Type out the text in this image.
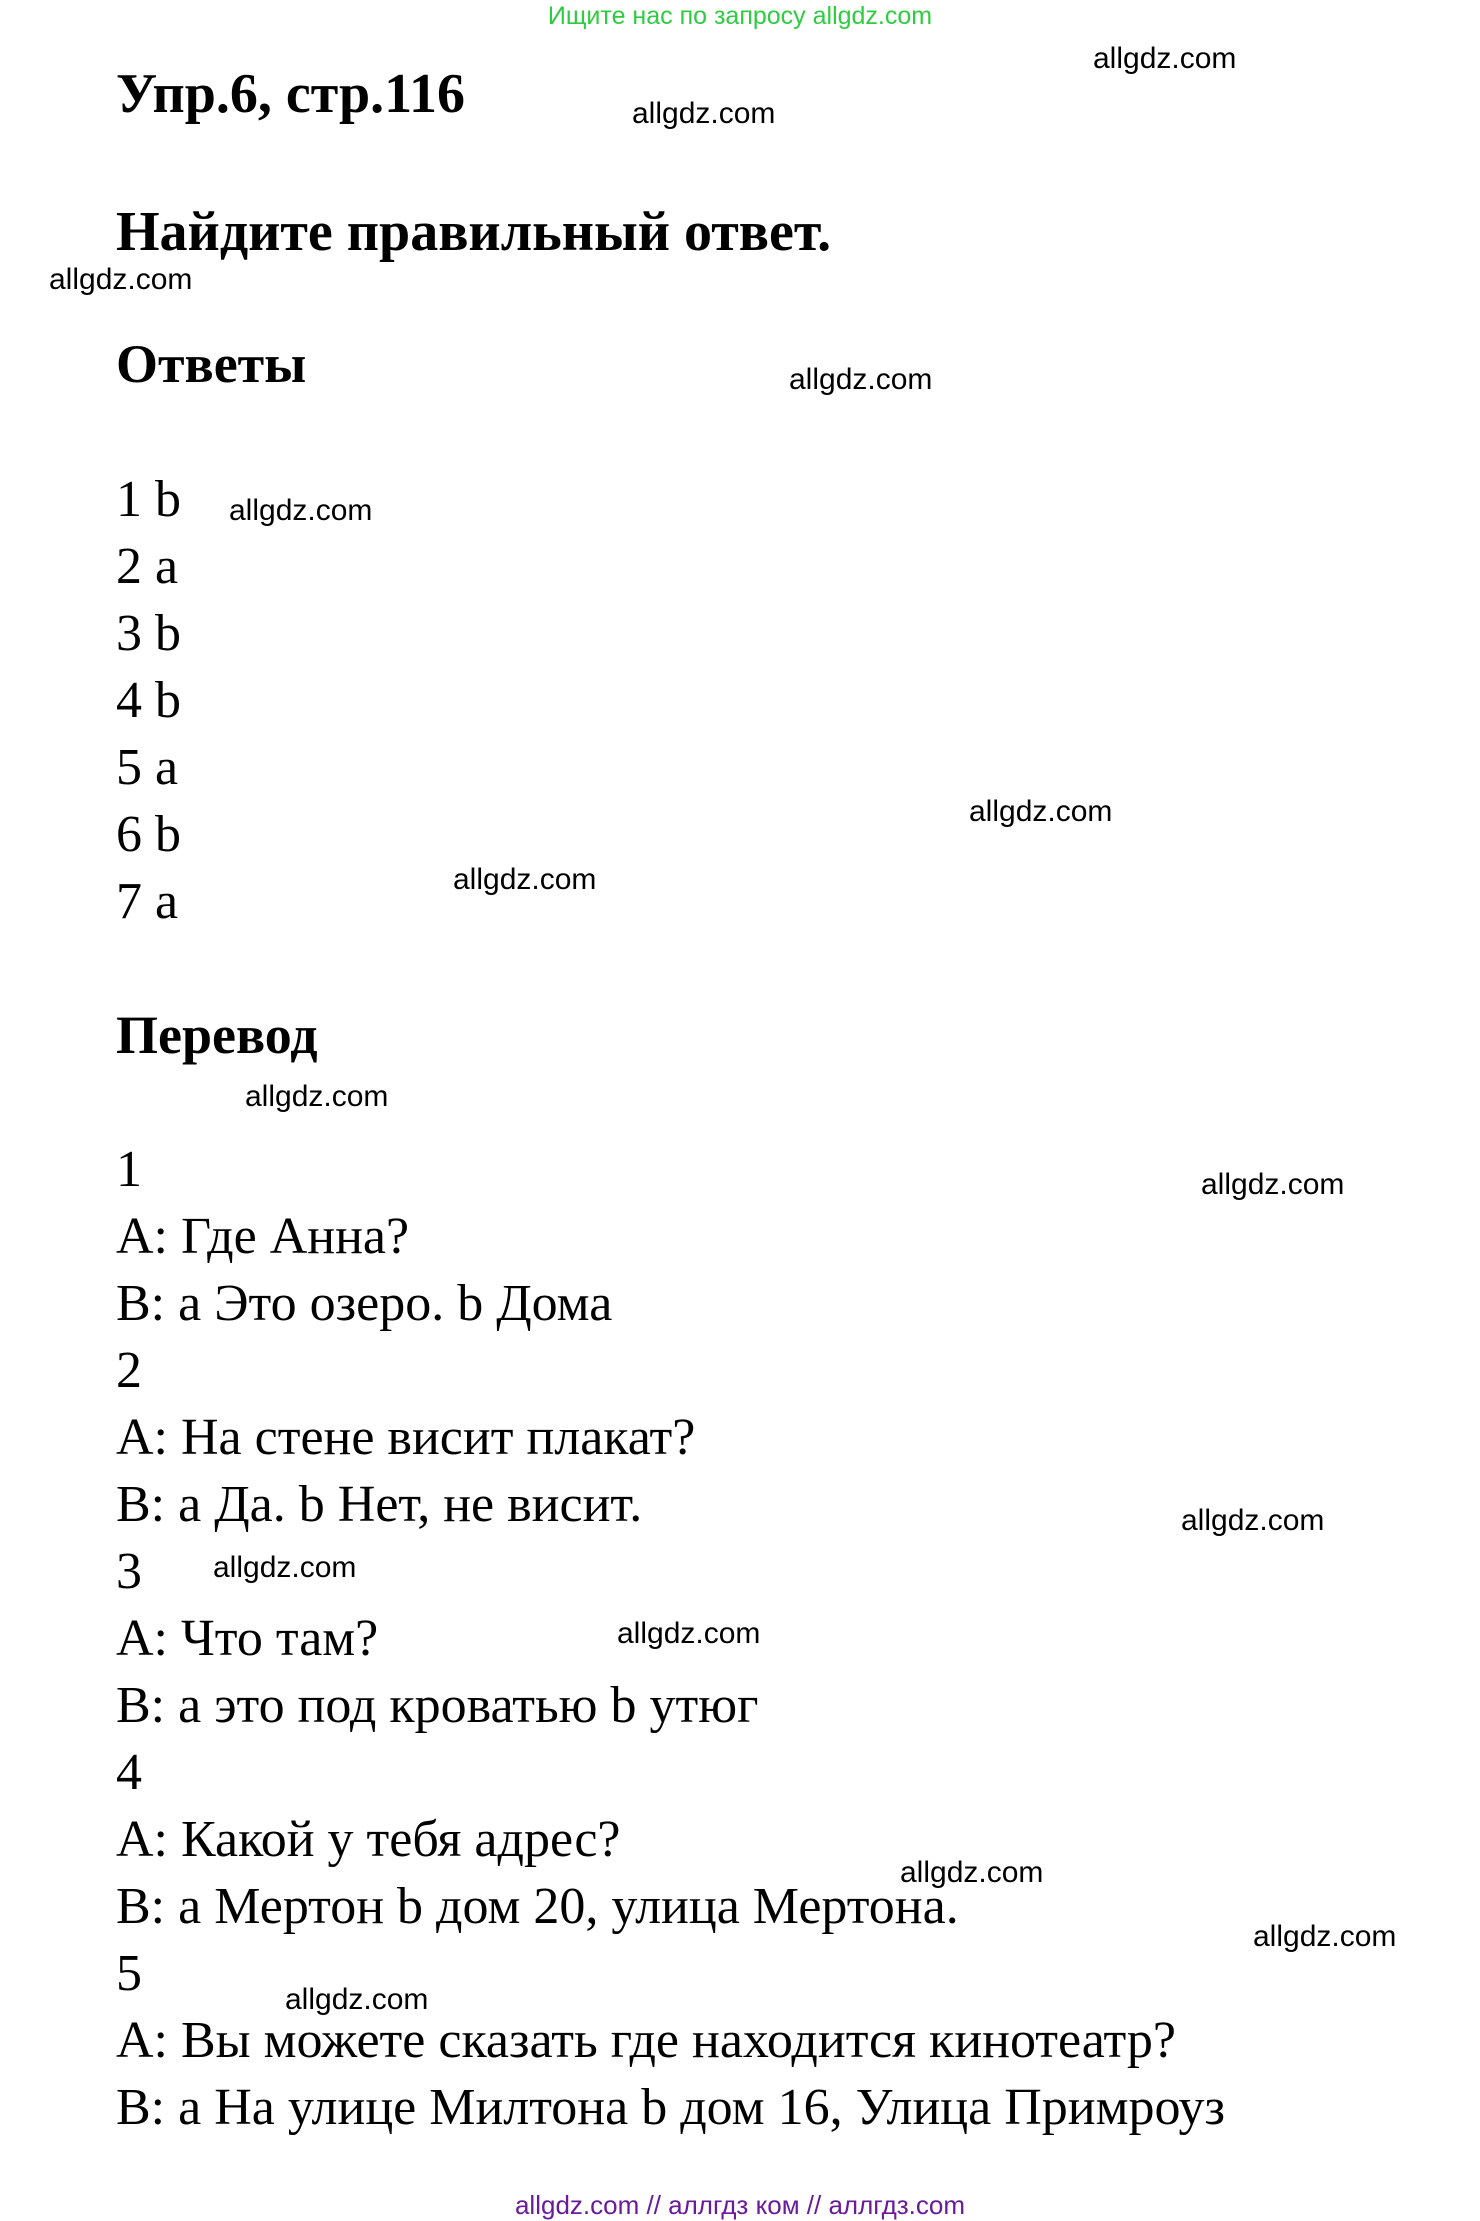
Ищите нас по запросу allgdz.com
allgdz.com
allgdz.com
allgdz.com
allgdz.com
allgdz.com
allgdz.com
allgdz.com
allgdz.com
allgdz.com
allgdz.com
allgdz.com
allgdz.com
allgdz.com
allgdz.com
allgdz.com
Упр.6, стр.116
Найдите правильный ответ.
Ответы
1 b
2 a
3 b
4 b
5 a
6 b
7 a
Перевод
1
A: Где Анна?
B: a Это озеро. b Дома
2
A: На стене висит плакат?
B: a Да. b Нет, не висит.
3
A: Что там?
B: a это под кроватью b утюг
4
A: Какой у тебя адрес?
B: a Мертон b дом 20, улица Мертона.
5
A: Вы можете сказать где находится кинотеатр?
B: a На улице Милтона b дом 16, Улица Примроуз
allgdz.com // аллгдз ком // аллгдз.com
